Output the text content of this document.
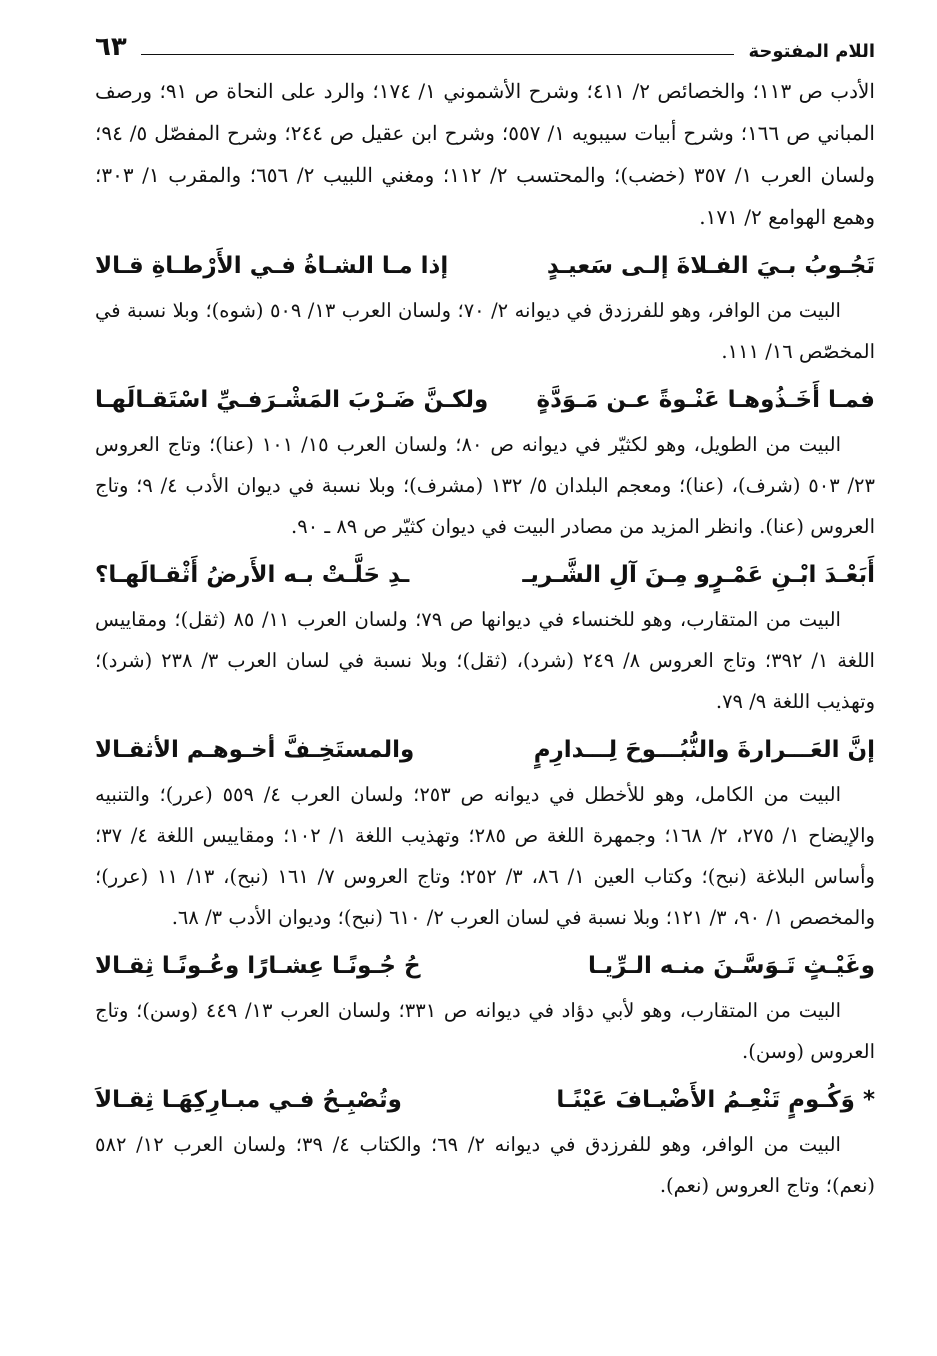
اللام المفتوحة
٦٣

الأدب ص ١١٣؛ والخصائص ٢/ ٤١١؛ وشرح الأشموني ١/ ١٧٤؛ والرد على النحاة ص ٩١؛ ورصف المباني ص ١٦٦؛ وشرح أبيات سيبويه ١/ ٥٥٧؛ وشرح ابن عقيل ص ٢٤٤؛ وشرح المفصّل ٥/ ٩٤؛ ولسان العرب ١/ ٣٥٧ (خضب)؛ والمحتسب ٢/ ١١٢؛ ومغني اللبيب ٢/ ٦٥٦؛ والمقرب ١/ ٣٠٣؛ وهمع الهوامع ٢/ ١٧١.

تَجُـوبُ بـيَ الفـلاةَ إلـى سَعيـدٍ
إذا مـا الشـاةُ فـي الأَرْطـاةِ قـالا

البيت من الوافر، وهو للفرزدق في ديوانه ٢/ ٧٠؛ ولسان العرب ١٣/ ٥٠٩ (شوه)؛ وبلا نسبة في المخصّص ١٦/ ١١١.

فمـا أَخَـذُوهـا عَنْـوةً عـن مَـوَدَّةٍ
ولكـنَّ ضَـرْبَ المَشْـرَفـيِّ اسْتَقـالَهـا

البيت من الطويل، وهو لكثيّر في ديوانه ص ٨٠؛ ولسان العرب ١٥/ ١٠١ (عنا)؛ وتاج العروس ٢٣/ ٥٠٣ (شرف)، (عنا)؛ ومعجم البلدان ٥/ ١٣٢ (مشرف)؛ وبلا نسبة في ديوان الأدب ٤/ ٩؛ وتاج العروس (عنا). وانظر المزيد من مصادر البيت في ديوان كثيّر ص ٨٩ ـ ٩٠.

أَبَعْـدَ ابْـنِ عَمْـرٍو مِـنَ آلِ الشَّـريـ
ـدِ حَلَّـتْ بـه الأَرضُ أَثْقـالَهـا؟

البيت من المتقارب، وهو للخنساء في ديوانها ص ٧٩؛ ولسان العرب ١١/ ٨٥ (ثقل)؛ ومقاييس اللغة ١/ ٣٩٢؛ وتاج العروس ٨/ ٢٤٩ (شرد)، (ثقل)؛ وبلا نسبة في لسان العرب ٣/ ٢٣٨ (شرد)؛ وتهذيب اللغة ٩/ ٧٩.

إنَّ العَـــرارةَ والنُّبُـــوحَ لِـــدارِمٍ
والمستَخِـفَّ أخـوهـم الأثقـالا

البيت من الكامل، وهو للأخطل في ديوانه ص ٢٥٣؛ ولسان العرب ٤/ ٥٥٩ (عرر)؛ والتنبيه والإيضاح ١/ ٢٧٥، ٢/ ١٦٨؛ وجمهرة اللغة ص ٢٨٥؛ وتهذيب اللغة ١/ ١٠٢؛ ومقاييس اللغة ٤/ ٣٧؛ وأساس البلاغة (نبح)؛ وكتاب العين ١/ ٨٦، ٣/ ٢٥٢؛ وتاج العروس ٧/ ١٦١ (نبح)، ١٣/ ١١ (عرر)؛ والمخصص ١/ ٩٠، ٣/ ١٢١؛ وبلا نسبة في لسان العرب ٢/ ٦١٠ (نبح)؛ وديوان الأدب ٣/ ٦٨.

وغَيْـثٍ تَـوَسَّـنَ منـه الـرِّيـا
حُ جُـونًـا عِشـارًا وعُـونًـا ثِقـالا

البيت من المتقارب، وهو لأبي دؤاد في ديوانه ص ٣٣١؛ ولسان العرب ١٣/ ٤٤٩ (وسن)؛ وتاج العروس (وسن).

* وَكُـومٍ تَنْعِـمُ الأَضْيـافَ عَيْنًـا
وتُصْبِـحُ فـي مبـارِكِهَـا ثِقـالاَ

البيت من الوافر، وهو للفرزدق في ديوانه ٢/ ٦٩؛ والكتاب ٤/ ٣٩؛ ولسان العرب ١٢/ ٥٨٢ (نعم)؛ وتاج العروس (نعم).
